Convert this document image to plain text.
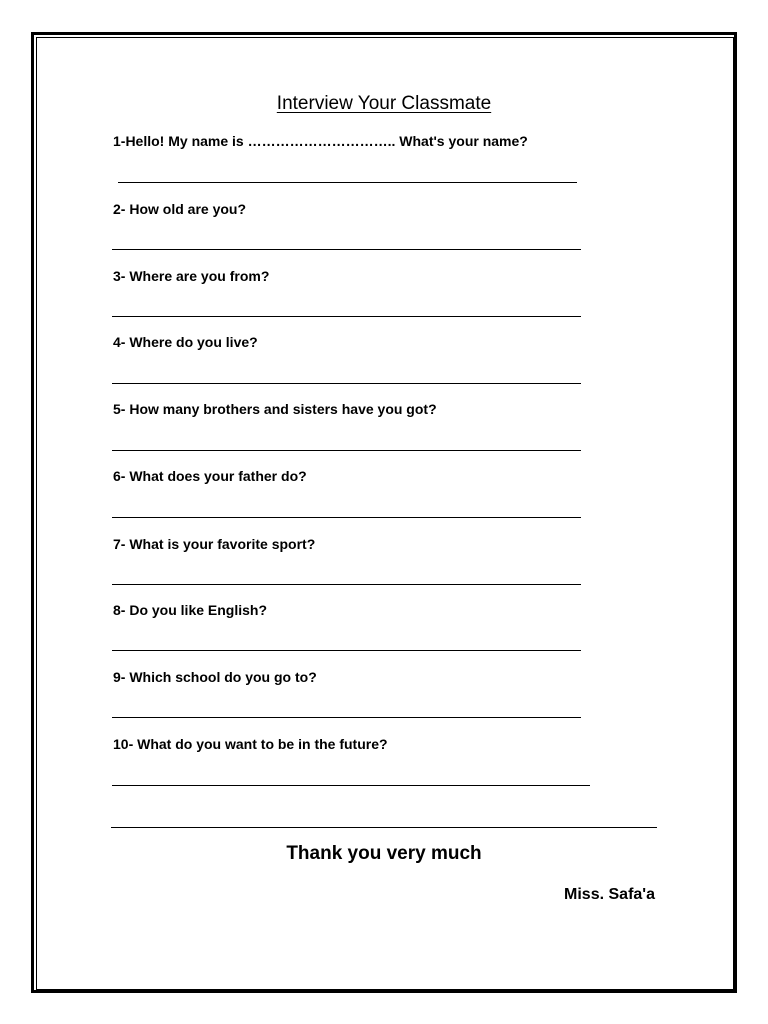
Interview Your Classmate
1-Hello! My name is ………………………….. What's your name?
2- How old are you?
3- Where are you from?
4- Where do you live?
5- How many brothers and sisters have you got?
6- What does your father do?
7- What is your favorite sport?
8- Do you like English?
9- Which school do you go to?
10- What do you want to be in the future?
Thank you very much
Miss. Safa'a
